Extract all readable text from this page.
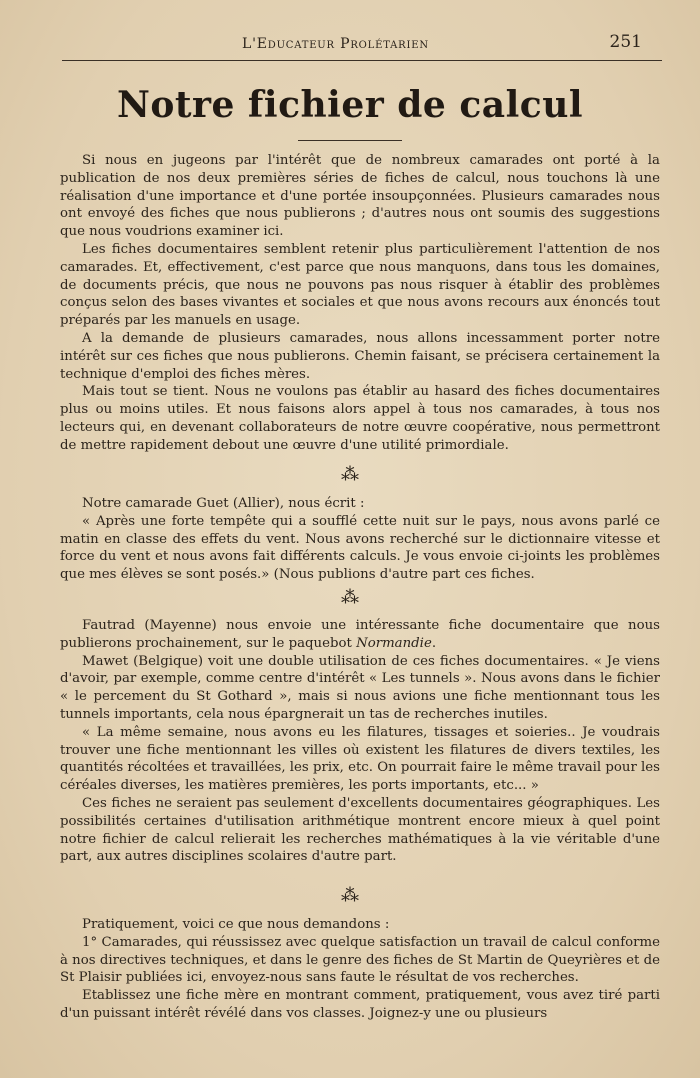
L'Educateur Prolétarien	251
Notre fichier de calcul

Si nous en jugeons par l'intérêt que de nombreux camarades ont porté à la publication de nos deux premières séries de fiches de calcul, nous touchons là une réalisation d'une importance et d'une portée insoupçonnées. Plusieurs camarades nous ont envoyé des fiches que nous publierons ; d'autres nous ont soumis des suggestions que nous voudrions examiner ici.

Les fiches documentaires semblent retenir plus particulièrement l'attention de nos camarades. Et, effectivement, c'est parce que nous manquons, dans tous les domaines, de documents précis, que nous ne pouvons pas nous risquer à établir des problèmes conçus selon des bases vivantes et sociales et que nous avons recours aux énoncés tout préparés par les manuels en usage.

A la demande de plusieurs camarades, nous allons incessamment porter notre intérêt sur ces fiches que nous publierons. Chemin faisant, se précisera certainement la technique d'emploi des fiches mères.

Mais tout se tient. Nous ne voulons pas établir au hasard des fiches documentaires plus ou moins utiles. Et nous faisons alors appel à tous nos camarades, à tous nos lecteurs qui, en devenant collaborateurs de notre œuvre coopérative, nous permettront de mettre rapidement debout une œuvre d'une utilité primordiale.

⁂

Notre camarade Guet (Allier), nous écrit :

« Après une forte tempête qui a soufflé cette nuit sur le pays, nous avons parlé ce matin en classe des effets du vent. Nous avons recherché sur le dictionnaire vitesse et force du vent et nous avons fait différents calculs. Je vous envoie ci-joints les problèmes que mes élèves se sont posés.» (Nous publions d'autre part ces fiches.

⁂

Fautrad (Mayenne) nous envoie une intéressante fiche documentaire que nous publierons prochainement, sur le paquebot Normandie.

Mawet (Belgique) voit une double utilisation de ces fiches documentaires. « Je viens d'avoir, par exemple, comme centre d'intérêt « Les tunnels ». Nous avons dans le fichier « le percement du St Gothard », mais si nous avions une fiche mentionnant tous les tunnels importants, cela nous épargnerait un tas de recherches inutiles.

« La même semaine, nous avons eu les filatures, tissages et soieries.. Je voudrais trouver une fiche mentionnant les villes où existent les filatures de divers textiles, les quantités récoltées et travaillées, les prix, etc. On pourrait faire le même travail pour les céréales diverses, les matières premières, les ports importants, etc... »

Ces fiches ne seraient pas seulement d'excellents documentaires géographiques. Les possibilités certaines d'utilisation arithmétique montrent encore mieux à quel point notre fichier de calcul relierait les recherches mathématiques à la vie véritable d'une part, aux autres disciplines scolaires d'autre part.

⁂

Pratiquement, voici ce que nous demandons :

1° Camarades, qui réussissez avec quelque satisfaction un travail de calcul conforme à nos directives techniques, et dans le genre des fiches de St Martin de Queyrières et de St Plaisir publiées ici, envoyez-nous sans faute le résultat de vos recherches.

Etablissez une fiche mère en montrant comment, pratiquement, vous avez tiré parti d'un puissant intérêt révélé dans vos classes. Joignez-y une ou plusieurs
